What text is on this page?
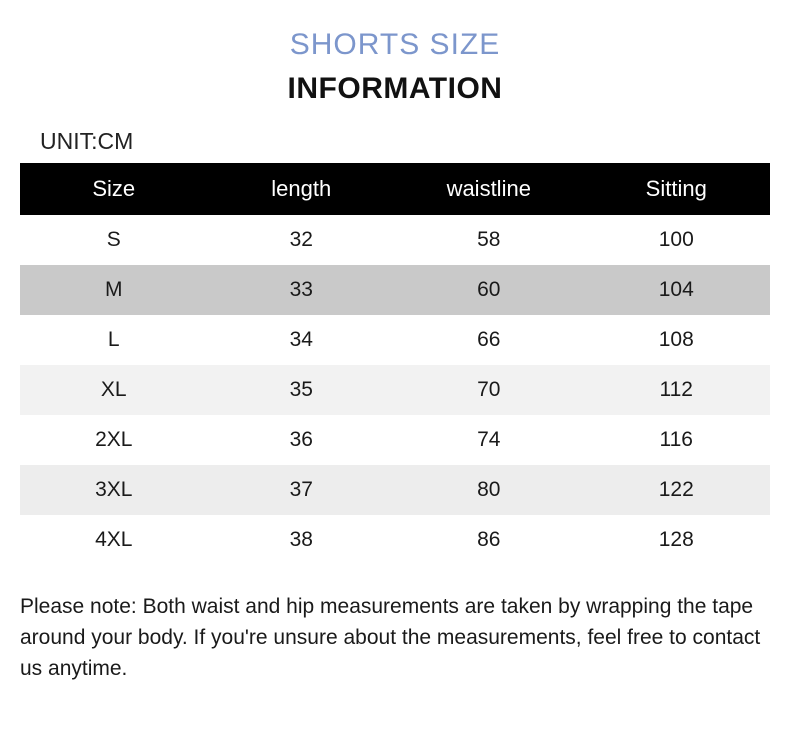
SHORTS SIZE
INFORMATION
UNIT:CM
Size	length	waistline	Sitting
S	32	58	100
M	33	60	104
L	34	66	108
XL	35	70	112
2XL	36	74	116
3XL	37	80	122
4XL	38	86	128
Please note: Both waist and hip measurements are taken by wrapping the tape around your body. If you're unsure about the measurements, feel free to contact us anytime.
